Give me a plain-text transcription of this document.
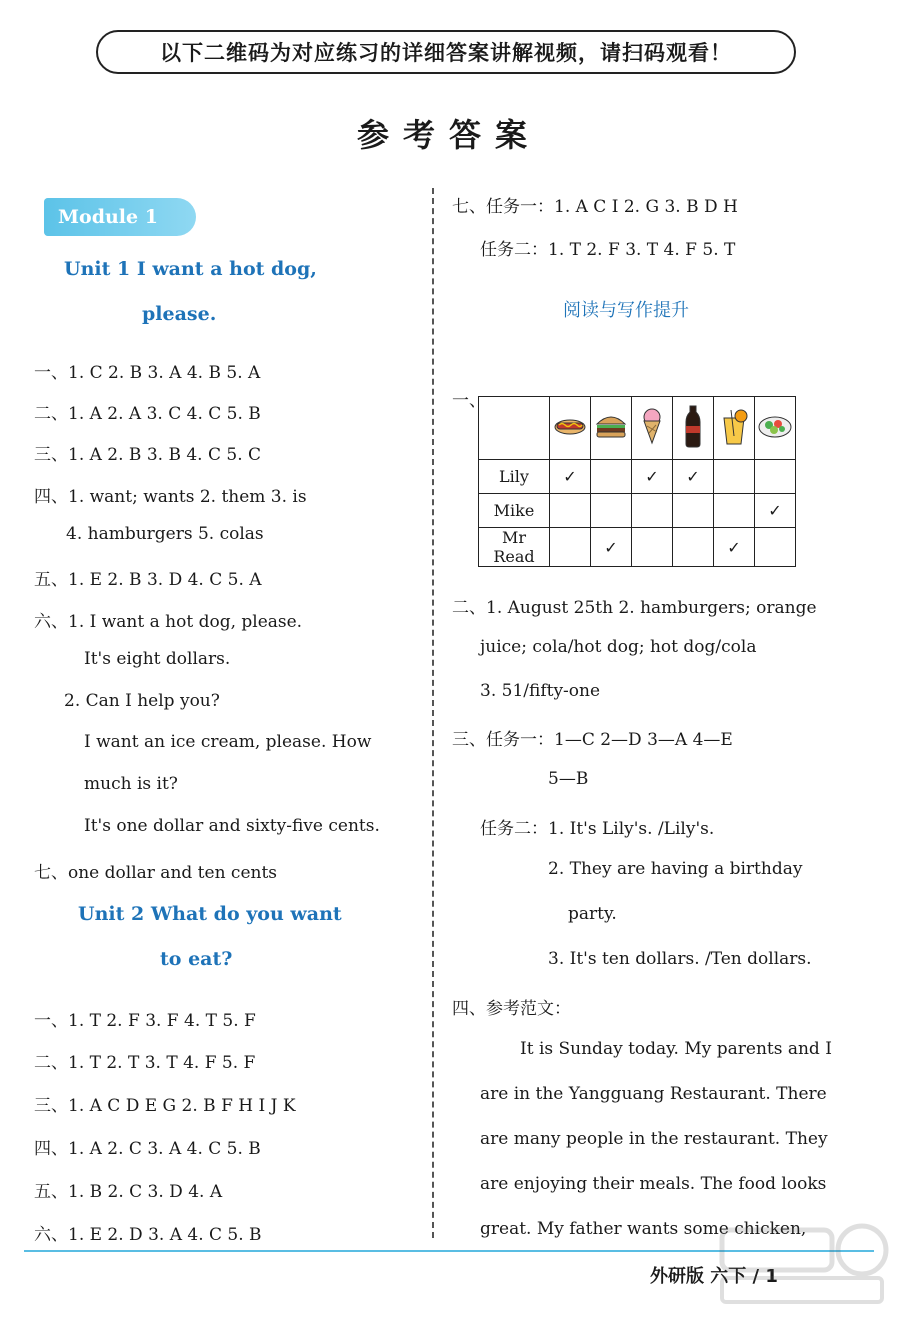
以下二维码为对应练习的详细答案讲解视频，请扫码观看！
参考答案
Module 1
Unit 1 I want a hot dog,
please.
一、1. C 2. B 3. A 4. B 5. A
二、1. A 2. A 3. C 4. C 5. B
三、1. A 2. B 3. B 4. C 5. C
四、1. want; wants 2. them 3. is
4. hamburgers 5. colas
五、1. E 2. B 3. D 4. C 5. A
六、1. I want a hot dog, please.
It's eight dollars.
2. Can I help you?
I want an ice cream, please. How
much is it?
It's one dollar and sixty-five cents.
七、one dollar and ten cents
Unit 2 What do you want
to eat?
一、1. T 2. F 3. F 4. T 5. F
二、1. T 2. T 3. T 4. F 5. F
三、1. A C D E G 2. B F H I J K
四、1. A 2. C 3. A 4. C 5. B
五、1. B 2. C 3. D 4. A
六、1. E 2. D 3. A 4. C 5. B
七、任务一：1. A C I 2. G 3. B D H
任务二：1. T 2. F 3. T 4. F 5. T
阅读与写作提升
一、

Lily	✓		✓	✓		
Mike						✓
Mr Read		✓			✓	
二、1. August 25th 2. hamburgers; orange
juice; cola/hot dog; hot dog/cola
3. 51/fifty-one
三、任务一：1—C 2—D 3—A 4—E
5—B
任务二：1. It's Lily's. /Lily's.
2. They are having a birthday
party.
3. It's ten dollars. /Ten dollars.
四、参考范文：
It is Sunday today. My parents and I
are in the Yangguang Restaurant. There
are many people in the restaurant. They
are enjoying their meals. The food looks
great. My father wants some chicken,
外研版 六下 / 1
